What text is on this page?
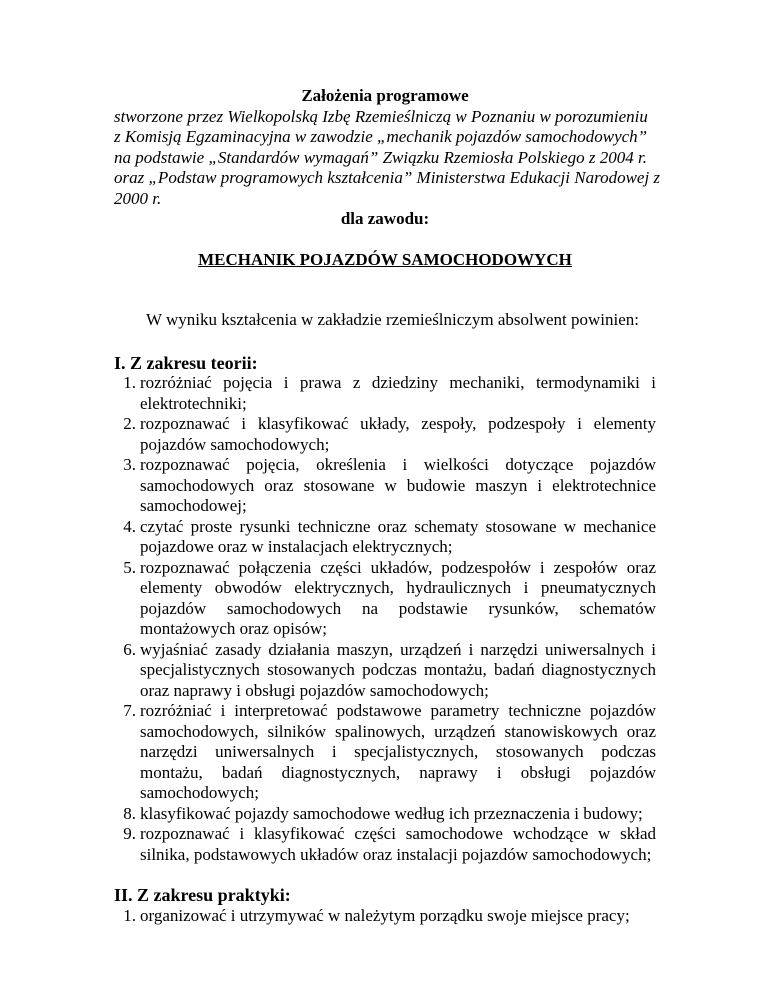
Założenia programowe

stworzone przez Wielkopolską Izbę Rzemieślniczą w Poznaniu w porozumieniu
z Komisją Egzaminacyjna w zawodzie „mechanik pojazdów samochodowych”
na podstawie „Standardów wymagań” Związku Rzemiosła Polskiego z 2004 r.
oraz „Podstaw programowych kształcenia” Ministerstwa Edukacji Narodowej z
2000 r.

dla zawodu:

MECHANIK POJAZDÓW SAMOCHODOWYCH

W wyniku kształcenia w zakładzie rzemieślniczym absolwent powinien:

I. Z zakresu teorii:

1. rozróżniać pojęcia i prawa z dziedziny mechaniki, termodynamiki i elektrotechniki;
2. rozpoznawać i klasyfikować układy, zespoły, podzespoły i elementy pojazdów samochodowych;
3. rozpoznawać pojęcia, określenia i wielkości dotyczące pojazdów samochodowych oraz stosowane w budowie maszyn i elektrotechnice samochodowej;
4. czytać proste rysunki techniczne oraz schematy stosowane w mechanice pojazdowe oraz w instalacjach elektrycznych;
5. rozpoznawać połączenia części układów, podzespołów i zespołów oraz elementy obwodów elektrycznych, hydraulicznych i pneumatycznych pojazdów samochodowych na podstawie rysunków, schematów montażowych oraz opisów;
6. wyjaśniać zasady działania maszyn, urządzeń i narzędzi uniwersalnych i specjalistycznych stosowanych podczas montażu, badań diagnostycznych oraz naprawy i obsługi pojazdów samochodowych;
7. rozróżniać i interpretować podstawowe parametry techniczne pojazdów samochodowych, silników spalinowych, urządzeń stanowiskowych oraz narzędzi uniwersalnych i specjalistycznych, stosowanych podczas montażu, badań diagnostycznych, naprawy i obsługi pojazdów samochodowych;
8. klasyfikować pojazdy samochodowe według ich przeznaczenia i budowy;
9. rozpoznawać i klasyfikować części samochodowe wchodzące w skład silnika, podstawowych układów oraz instalacji pojazdów samochodowych;

II. Z zakresu praktyki:

1. organizować i utrzymywać w należytym porządku swoje miejsce pracy;
